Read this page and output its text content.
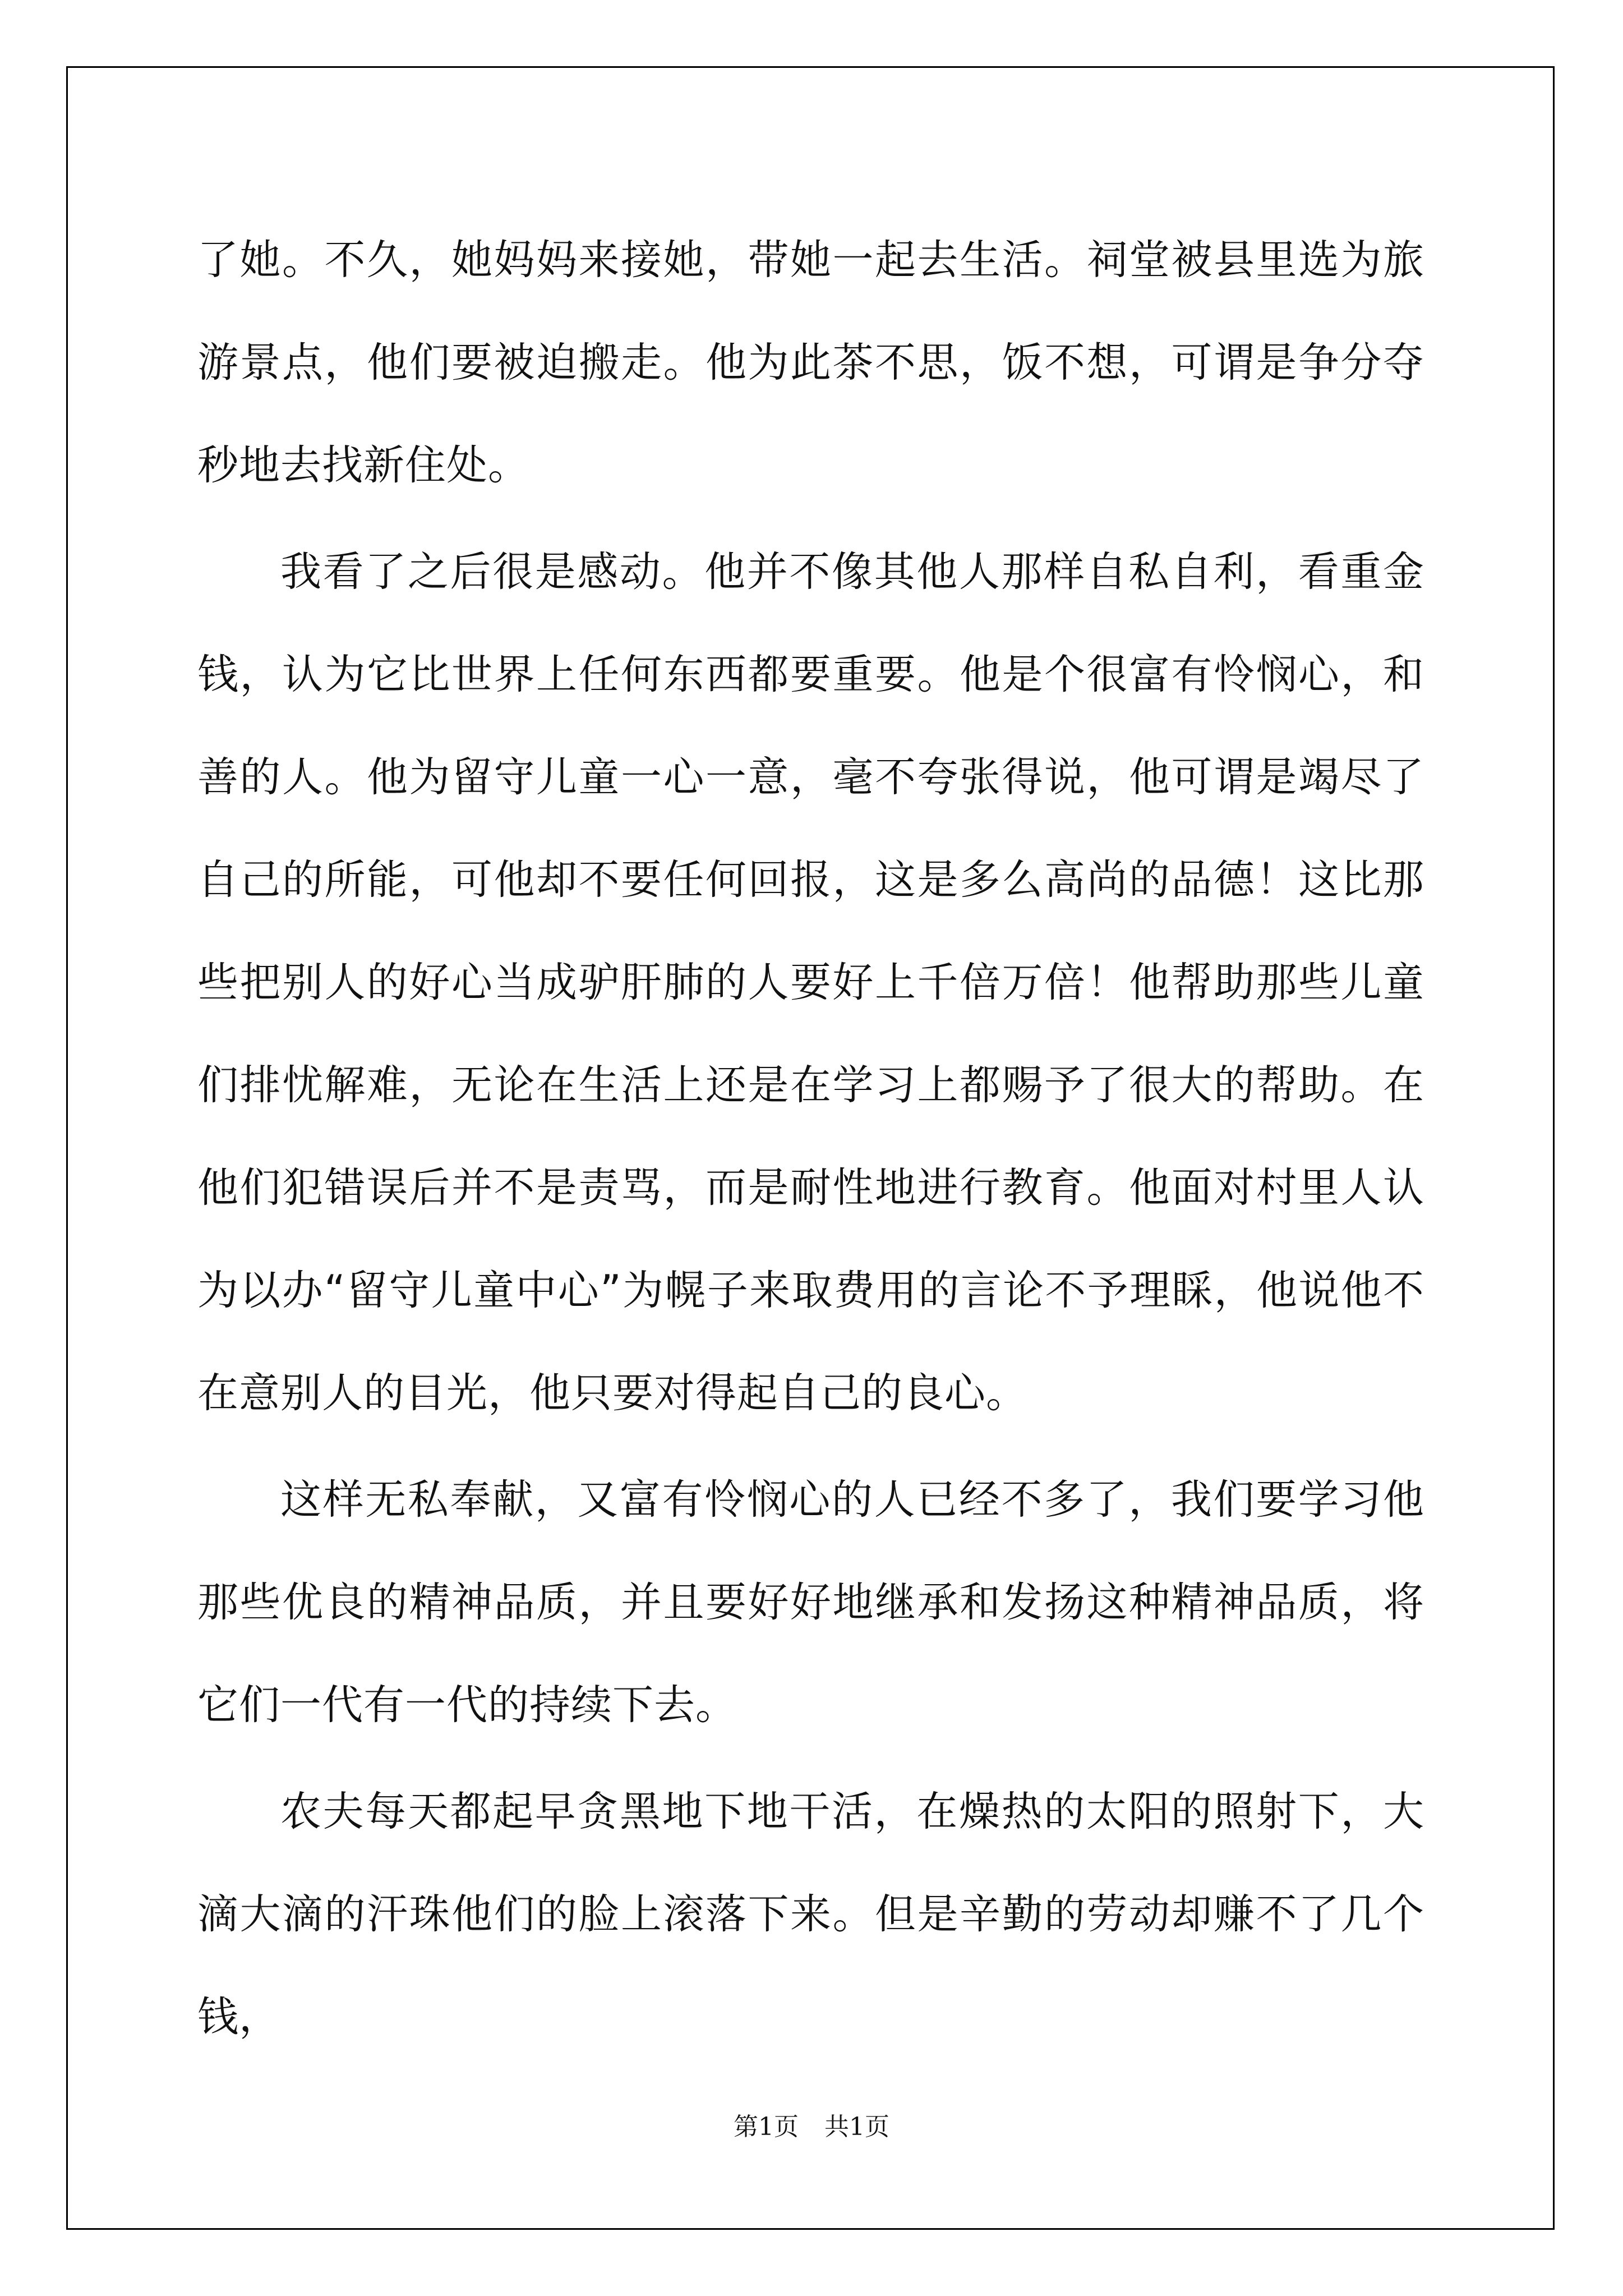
了她。不久，她妈妈来接她，带她一起去生活。祠堂被县里选为旅游景点，他们要被迫搬走。他为此茶不思，饭不想，可谓是争分夺秒地去找新住处。

我看了之后很是感动。他并不像其他人那样自私自利，看重金钱，认为它比世界上任何东西都要重要。他是个很富有怜悯心，和善的人。他为留守儿童一心一意，毫不夸张得说，他可谓是竭尽了自己的所能，可他却不要任何回报，这是多么高尚的品德！这比那些把别人的好心当成驴肝肺的人要好上千倍万倍！他帮助那些儿童们排忧解难，无论在生活上还是在学习上都赐予了很大的帮助。在他们犯错误后并不是责骂，而是耐性地进行教育。他面对村里人认为以办“留守儿童中心”为幌子来取费用的言论不予理睬，他说他不在意别人的目光，他只要对得起自己的良心。

这样无私奉献，又富有怜悯心的人已经不多了，我们要学习他那些优良的精神品质，并且要好好地继承和发扬这种精神品质，将它们一代有一代的持续下去。

农夫每天都起早贪黑地下地干活，在燥热的太阳的照射下，大滴大滴的汗珠他们的脸上滚落下来。但是辛勤的劳动却赚不了几个钱，

第1页 共1页
